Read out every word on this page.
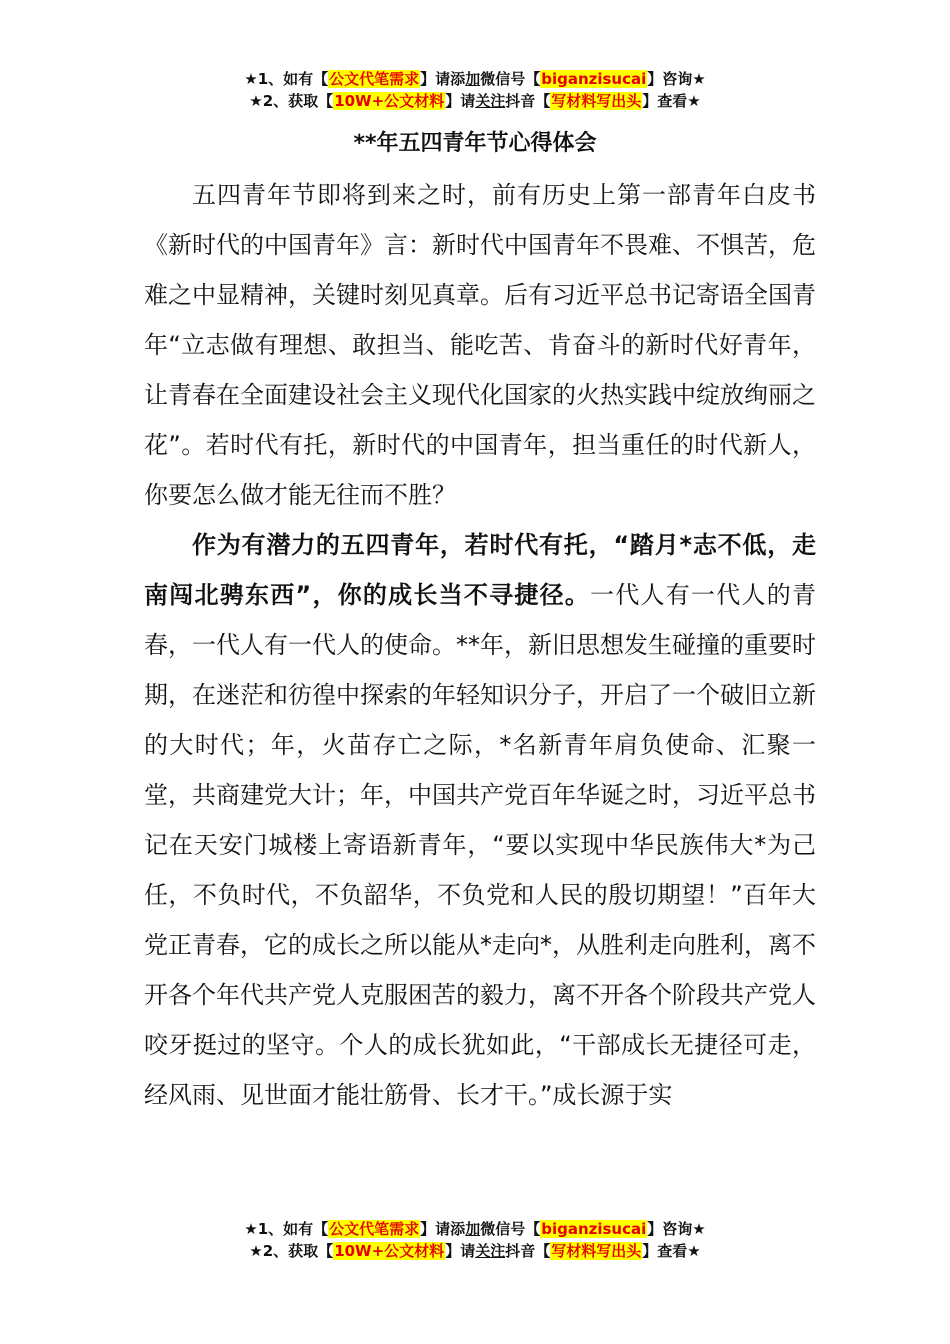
★1、如有【公文代笔需求】请添加微信号【biganzisucai】咨询★
★2、获取【10W+公文材料】请关注抖音【写材料写出头】查看★
**年五四青年节心得体会

五四青年节即将到来之时，前有历史上第一部青年白皮书《新时代的中国青年》言：新时代中国青年不畏难、不惧苦，危难之中显精神，关键时刻见真章。后有习近平总书记寄语全国青年“立志做有理想、敢担当、能吃苦、肯奋斗的新时代好青年，让青春在全面建设社会主义现代化国家的火热实践中绽放绚丽之花”。若时代有托，新时代的中国青年，担当重任的时代新人，你要怎么做才能无往而不胜？

作为有潜力的五四青年，若时代有托，“踏月*志不低，走南闯北骋东西”，你的成长当不寻捷径。一代人有一代人的青春，一代人有一代人的使命。**年，新旧思想发生碰撞的重要时期，在迷茫和彷徨中探索的年轻知识分子，开启了一个破旧立新的大时代；年，火苗存亡之际，*名新青年肩负使命、汇聚一堂，共商建党大计；年，中国共产党百年华诞之时，习近平总书记在天安门城楼上寄语新青年，“要以实现中华民族伟大*为己任，不负时代，不负韶华，不负党和人民的殷切期望！”百年大党正青春，它的成长之所以能从*走向*，从胜利走向胜利，离不开各个年代共产党人克服困苦的毅力，离不开各个阶段共产党人咬牙挺过的坚守。个人的成长犹如此，“干部成长无捷径可走，经风雨、见世面才能壮筋骨、长才干。”成长源于实

★1、如有【公文代笔需求】请添加微信号【biganzisucai】咨询★
★2、获取【10W+公文材料】请关注抖音【写材料写出头】查看★
